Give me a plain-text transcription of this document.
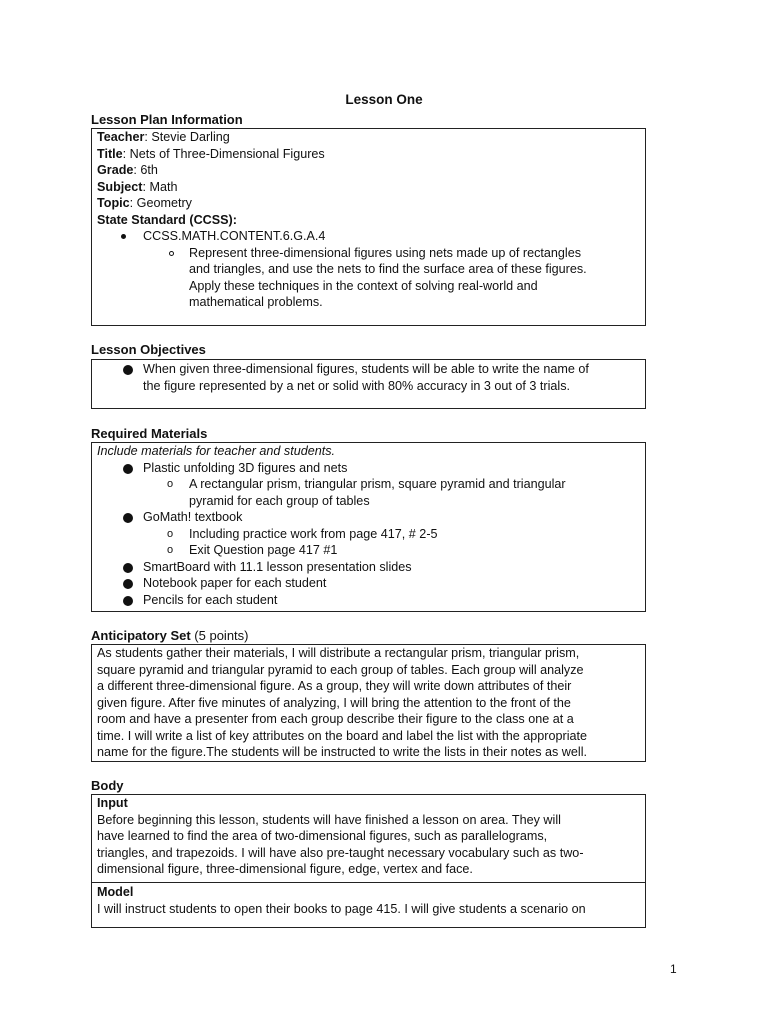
Lesson One
Lesson Plan Information
Teacher: Stevie Darling
Title: Nets of Three-Dimensional Figures
Grade: 6th
Subject: Math
Topic: Geometry
State Standard (CCSS):
CCSS.MATH.CONTENT.6.G.A.4
Represent three-dimensional figures using nets made up of rectangles
and triangles, and use the nets to find the surface area of these figures.
Apply these techniques in the context of solving real-world and
mathematical problems.
Lesson Objectives
When given three-dimensional figures, students will be able to write the name of
the figure represented by a net or solid with 80% accuracy in 3 out of 3 trials.
Required Materials
Include materials for teacher and students.
Plastic unfolding 3D figures and nets
o A rectangular prism, triangular prism, square pyramid and triangular
pyramid for each group of tables
GoMath! textbook
o Including practice work from page 417, # 2-5
o Exit Question page 417 #1
SmartBoard with 11.1 lesson presentation slides
Notebook paper for each student
Pencils for each student
Anticipatory Set (5 points)
As students gather their materials, I will distribute a rectangular prism, triangular prism,
square pyramid and triangular pyramid to each group of tables. Each group will analyze
a different three-dimensional figure. As a group, they will write down attributes of their
given figure. After five minutes of analyzing, I will bring the attention to the front of the
room and have a presenter from each group describe their figure to the class one at a
time. I will write a list of key attributes on the board and label the list with the appropriate
name for the figure.The students will be instructed to write the lists in their notes as well.
Body
Input
Before beginning this lesson, students will have finished a lesson on area. They will
have learned to find the area of two-dimensional figures, such as parallelograms,
triangles, and trapezoids. I will have also pre-taught necessary vocabulary such as two-
dimensional figure, three-dimensional figure, edge, vertex and face.
Model
I will instruct students to open their books to page 415. I will give students a scenario on
1
